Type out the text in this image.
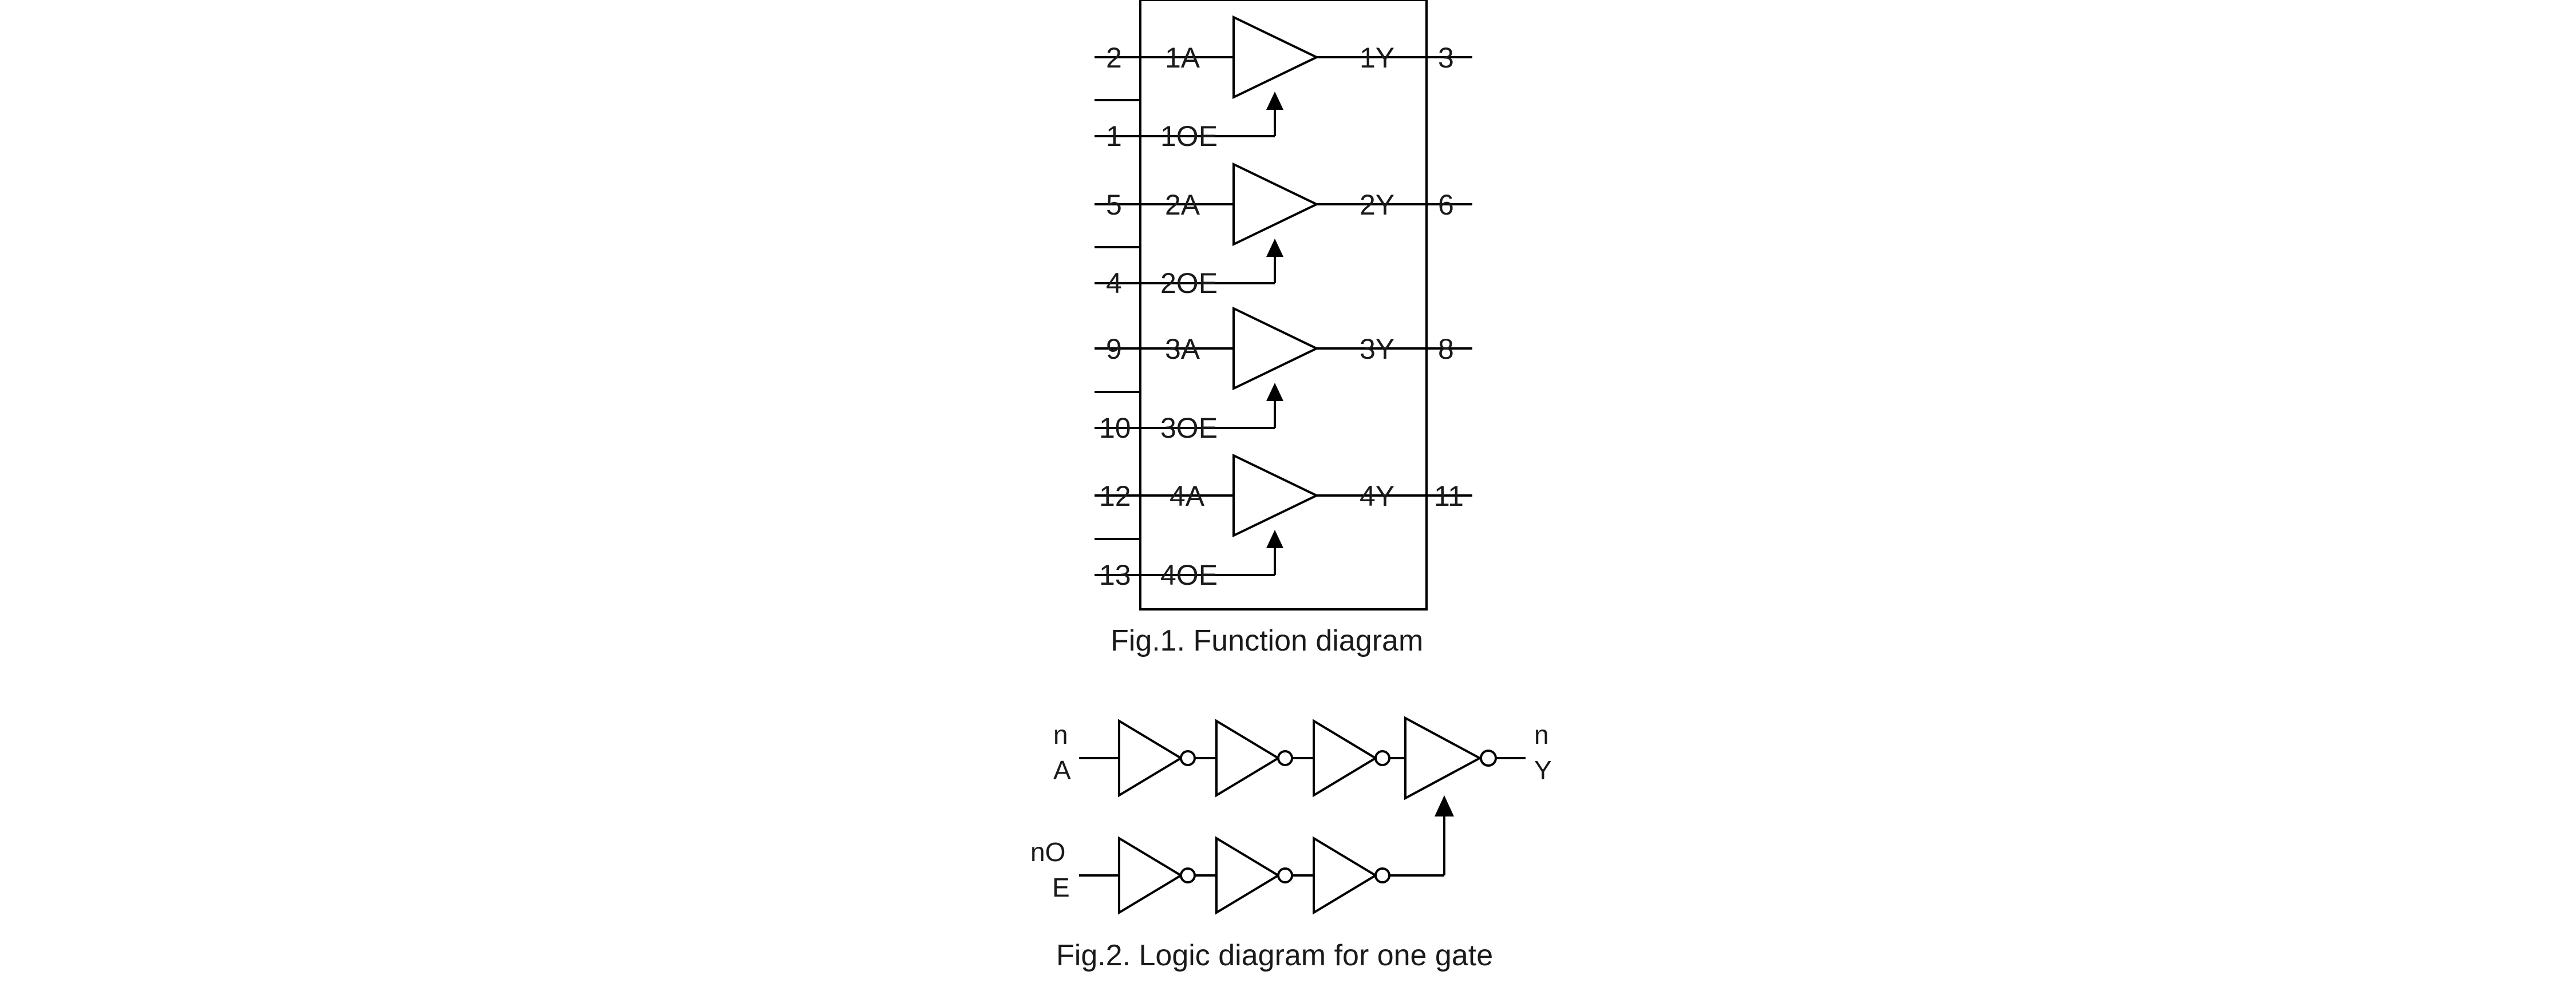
2 1A
1 1OE
1Y 3
5 2A
4 2OE
2Y 6
9 3A
10 3OE
3Y 8
12 4A
13 4OE
4Y 11
n
A
nO
E
n
Y
Fig.1. Function diagram
Fig.2. Logic diagram for one gate
